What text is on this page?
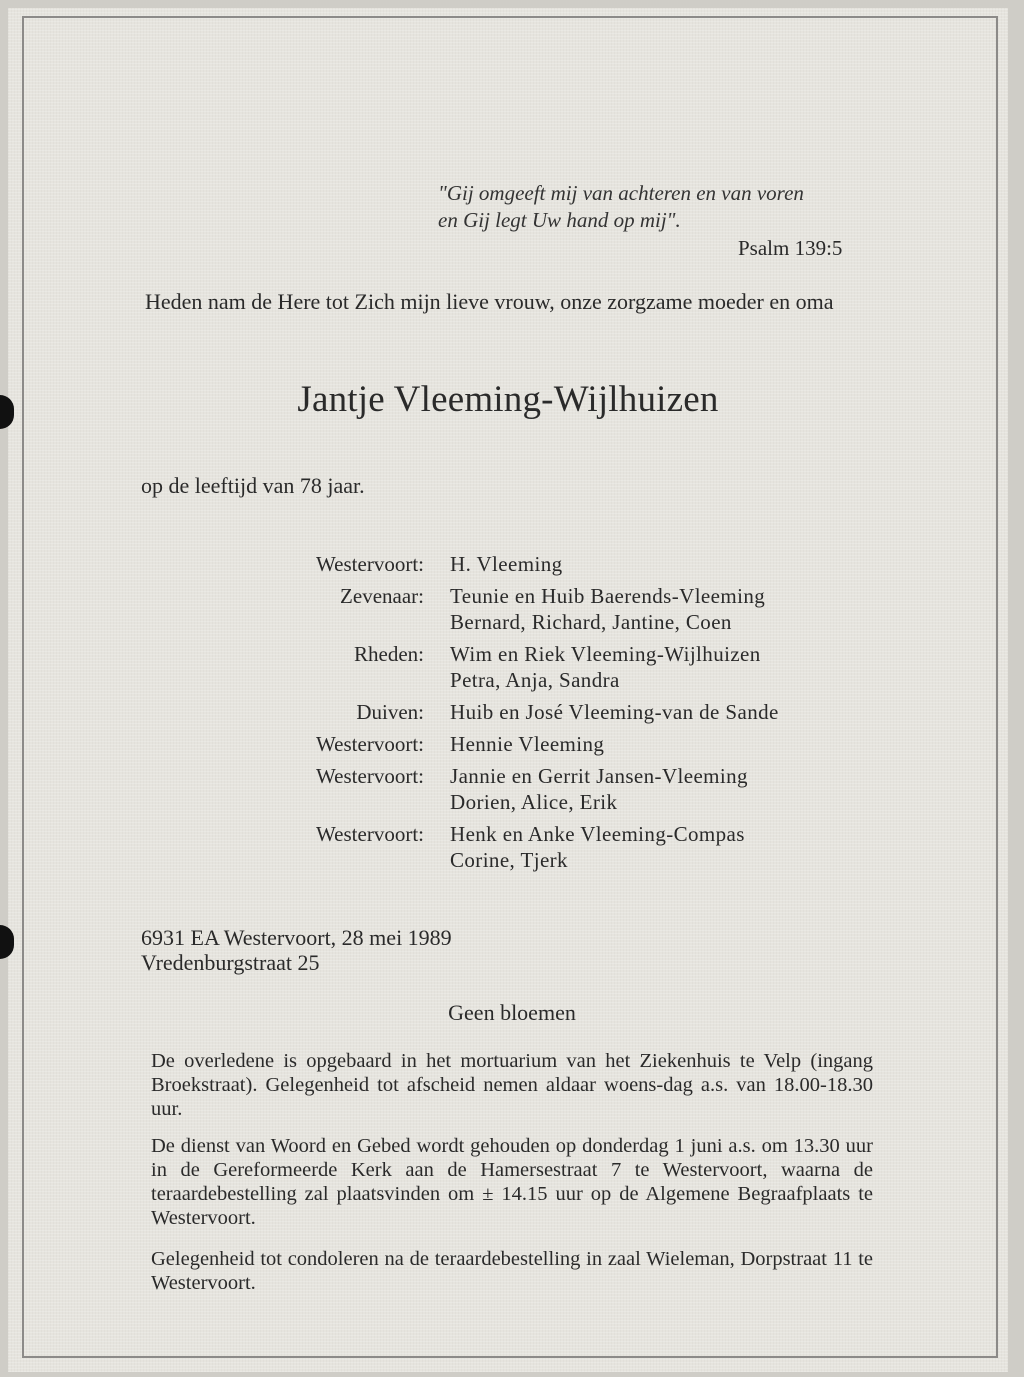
"Gij omgeeft mij van achteren en van voren
en Gij legt Uw hand op mij".
Psalm 139:5
Heden nam de Here tot Zich mijn lieve vrouw, onze zorgzame moeder en oma
Jantje Vleeming-Wijlhuizen
op de leeftijd van 78 jaar.
Westervoort:	H. Vleeming
Zevenaar:	Teunie en Huib Baerends-Vleeming
Bernard, Richard, Jantine, Coen
Rheden:	Wim en Riek Vleeming-Wijlhuizen
Petra, Anja, Sandra
Duiven:	Huib en José Vleeming-van de Sande
Westervoort:	Hennie Vleeming
Westervoort:	Jannie en Gerrit Jansen-Vleeming
Dorien, Alice, Erik
Westervoort:	Henk en Anke Vleeming-Compas
Corine, Tjerk
6931 EA Westervoort, 28 mei 1989
Vredenburgstraat 25
Geen bloemen
De overledene is opgebaard in het mortuarium van het Ziekenhuis te Velp (ingang Broekstraat). Gelegenheid tot afscheid nemen aldaar woens-dag a.s. van 18.00-18.30 uur.
De dienst van Woord en Gebed wordt gehouden op donderdag 1 juni a.s. om 13.30 uur in de Gereformeerde Kerk aan de Hamersestraat 7 te Westervoort, waarna de teraardebestelling zal plaatsvinden om ± 14.15 uur op de Algemene Begraafplaats te Westervoort.
Gelegenheid tot condoleren na de teraardebestelling in zaal Wieleman, Dorpstraat 11 te Westervoort.
